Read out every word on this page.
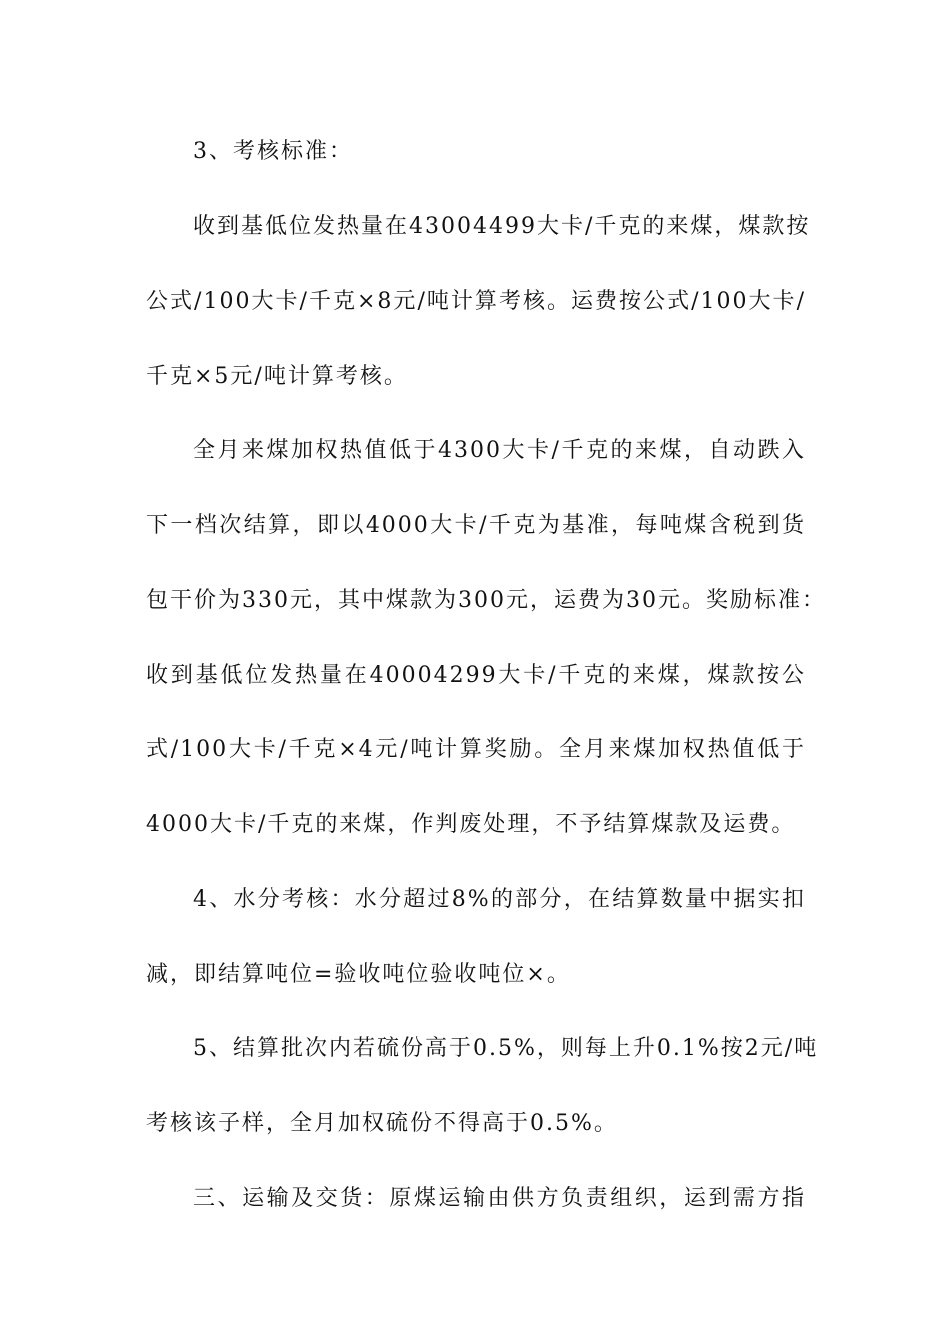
3、考核标准：
收到基低位发热量在43004499大卡/千克的来煤，煤款按
公式/100大卡/千克×8元/吨计算考核。运费按公式/100大卡/
千克×5元/吨计算考核。
全月来煤加权热值低于4300大卡/千克的来煤，自动跌入
下一档次结算，即以4000大卡/千克为基准，每吨煤含税到货
包干价为330元，其中煤款为300元，运费为30元。奖励标准：
收到基低位发热量在40004299大卡/千克的来煤，煤款按公
式/100大卡/千克×4元/吨计算奖励。全月来煤加权热值低于
4000大卡/千克的来煤，作判废处理，不予结算煤款及运费。
4、水分考核：水分超过8%的部分，在结算数量中据实扣
减，即结算吨位=验收吨位验收吨位×。
5、结算批次内若硫份高于0.5%，则每上升0.1%按2元/吨
考核该子样，全月加权硫份不得高于0.5%。
三、运输及交货：原煤运输由供方负责组织，运到需方指
